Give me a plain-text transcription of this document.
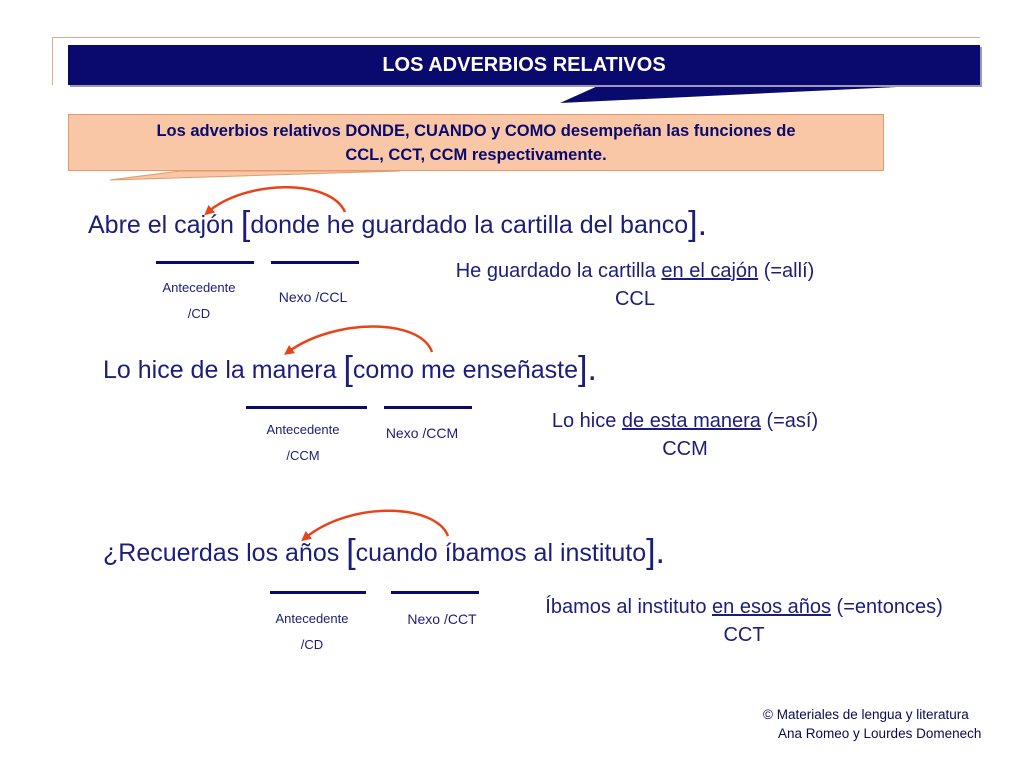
LOS ADVERBIOS RELATIVOS
Los adverbios relativos DONDE, CUANDO y COMO desempeñan las funciones de
CCL, CCT, CCM respectivamente.
Abre el cajón [donde he guardado la cartilla del banco].
Antecedente
/CD
Nexo /CCL
He guardado la cartilla en el cajón (=allí)
CCL
Lo hice de la manera [como me enseñaste].
Antecedente
/CCM
Nexo /CCM
Lo hice de esta manera (=así)
CCM
¿Recuerdas los años [cuando íbamos al instituto].
Antecedente
/CD
Nexo /CCT
Íbamos al instituto en esos años (=entonces)
CCT
© Materiales de lengua y literatura
Ana Romeo y Lourdes Domenech
